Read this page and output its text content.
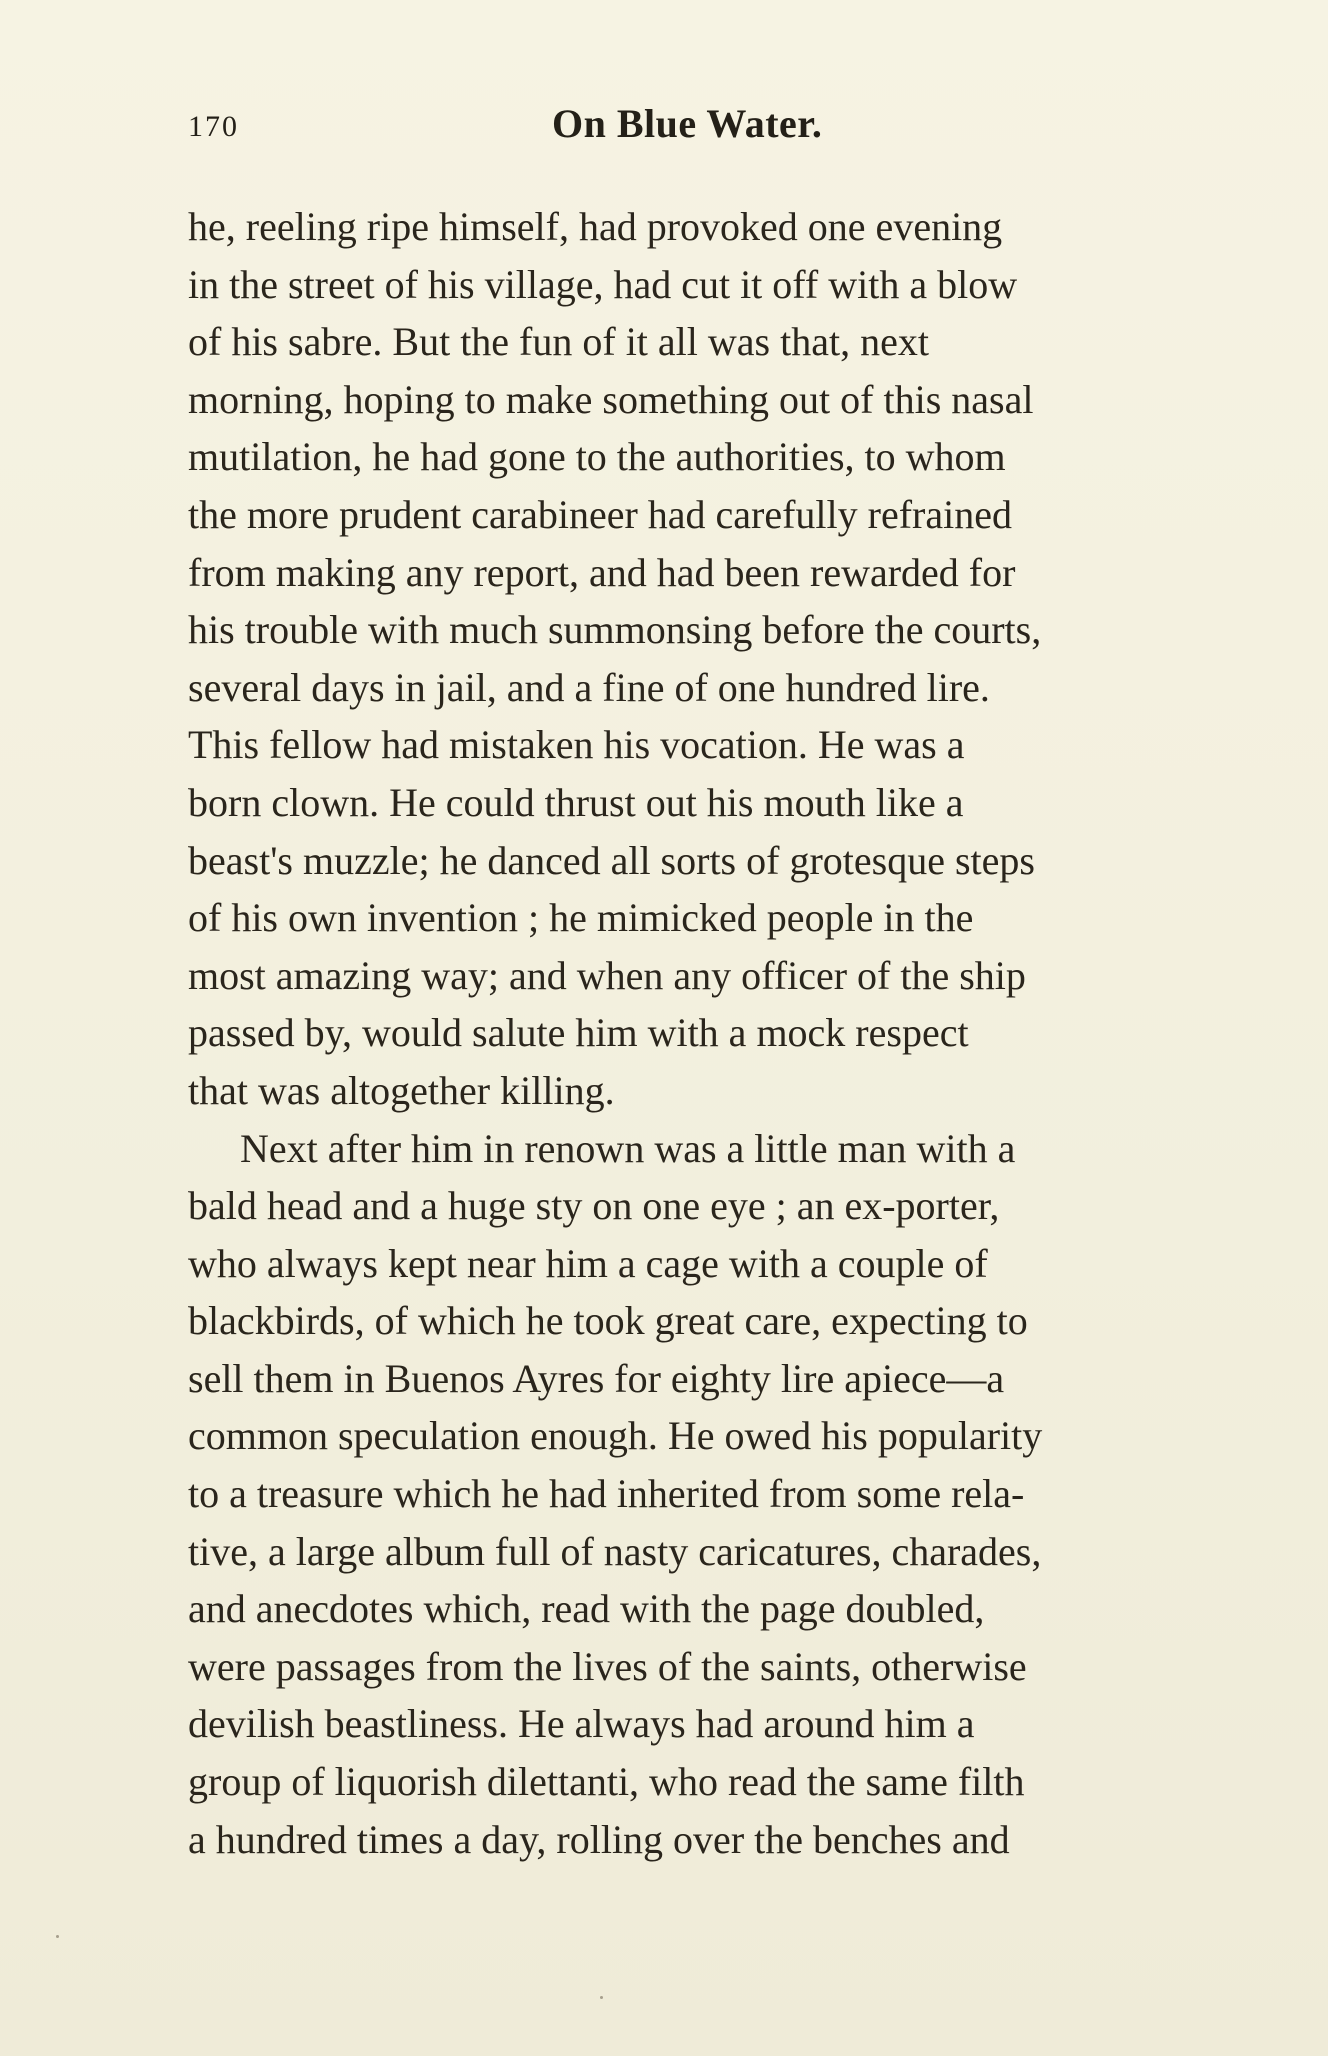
170	On Blue Water.
he, reeling ripe himself, had provoked one evening
in the street of his village, had cut it off with a blow
of his sabre. But the fun of it all was that, next
morning, hoping to make something out of this nasal
mutilation, he had gone to the authorities, to whom
the more prudent carabineer had carefully refrained
from making any report, and had been rewarded for
his trouble with much summonsing before the courts,
several days in jail, and a fine of one hundred lire.
This fellow had mistaken his vocation. He was a
born clown. He could thrust out his mouth like a
beast's muzzle; he danced all sorts of grotesque steps
of his own invention ; he mimicked people in the
most amazing way; and when any officer of the ship
passed by, would salute him with a mock respect
that was altogether killing.
Next after him in renown was a little man with a
bald head and a huge sty on one eye ; an ex-porter,
who always kept near him a cage with a couple of
blackbirds, of which he took great care, expecting to
sell them in Buenos Ayres for eighty lire apiece—a
common speculation enough. He owed his popularity
to a treasure which he had inherited from some rela-
tive, a large album full of nasty caricatures, charades,
and anecdotes which, read with the page doubled,
were passages from the lives of the saints, otherwise
devilish beastliness. He always had around him a
group of liquorish dilettanti, who read the same filth
a hundred times a day, rolling over the benches and
